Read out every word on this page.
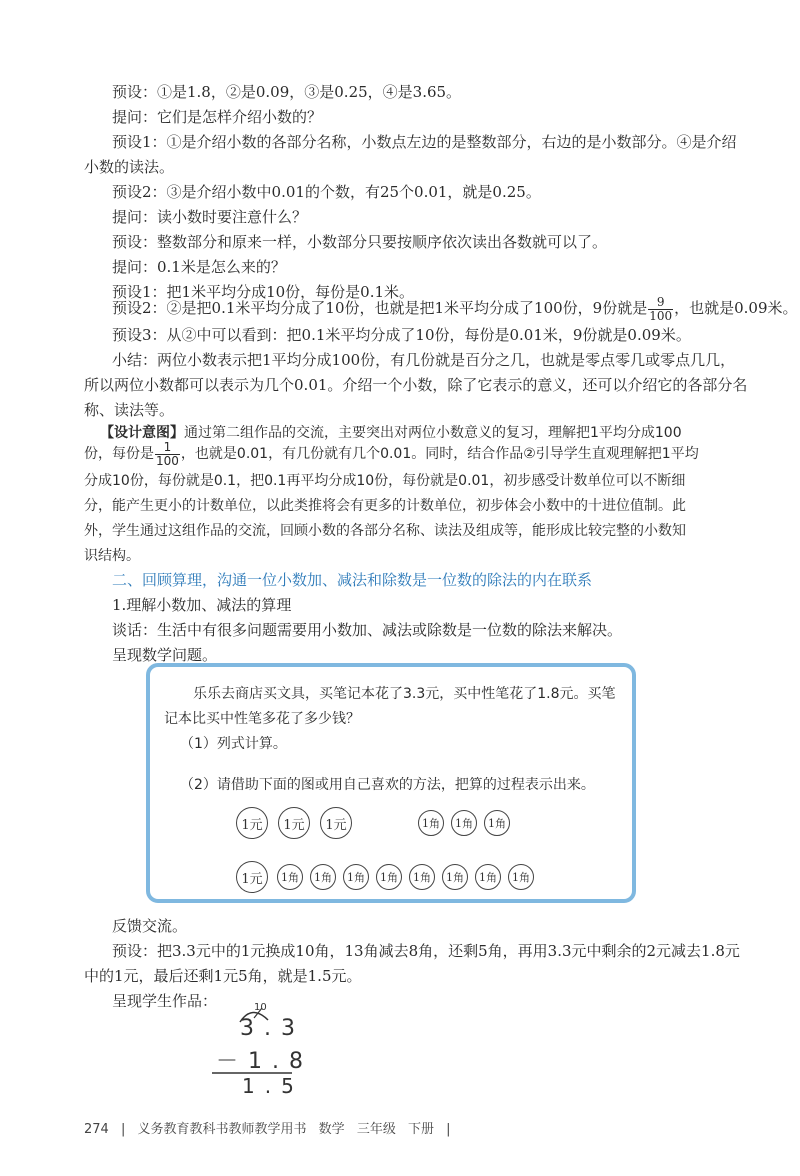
预设：①是1.8，②是0.09，③是0.25，④是3.65。
提问：它们是怎样介绍小数的？
预设1：①是介绍小数的各部分名称，小数点左边的是整数部分，右边的是小数部分。④是介绍
小数的读法。
预设2：③是介绍小数中0.01的个数，有25个0.01，就是0.25。
提问：读小数时要注意什么？
预设：整数部分和原来一样，小数部分只要按顺序依次读出各数就可以了。
提问：0.1米是怎么来的？
预设1：把1米平均分成10份，每份是0.1米。
预设2：②是把0.1米平均分成了10份，也就是把1米平均分成了100份，9份就是 $\frac{9}{100}$ ，也就是0.09米。
预设3：从②中可以看到：把0.1米平均分成了10份，每份是0.01米，9份就是0.09米。
小结：两位小数表示把1平均分成100份，有几份就是百分之几，也就是零点零几或零点几几，
所以两位小数都可以表示为几个0.01。介绍一个小数，除了它表示的意义，还可以介绍它的各部分名
称、读法等。
【设计意图】通过第二组作品的交流，主要突出对两位小数意义的复习，理解把1平均分成100
份，每份是 $\frac{1}{100}$ ，也就是0.01，有几份就有几个0.01。同时，结合作品②引导学生直观理解把1平均
分成10份，每份就是0.1，把0.1再平均分成10份，每份就是0.01，初步感受计数单位可以不断细
分，能产生更小的计数单位，以此类推将会有更多的计数单位，初步体会小数中的十进位值制。此
外，学生通过这组作品的交流，回顾小数的各部分名称、读法及组成等，能形成比较完整的小数知
识结构。
二、回顾算理，沟通一位小数加、减法和除数是一位数的除法的内在联系
1.理解小数加、减法的算理
谈话：生活中有很多问题需要用小数加、减法或除数是一位数的除法来解决。
呈现数学问题。
乐乐去商店买文具，买笔记本花了3.3元，买中性笔花了1.8元。买笔
记本比买中性笔多花了多少钱？
（1）列式计算。
（2）请借助下面的图或用自己喜欢的方法，把算的过程表示出来。
1元	1元	1元	1角	1角	1角
1元	1角	1角	1角	1角	1角	1角	1角	1角
反馈交流。
预设：把3.3元中的1元换成10角，13角减去8角，还剩5角，再用3.3元中剩余的2元减去1.8元
中的1元，最后还剩1元5角，就是1.5元。
呈现学生作品：	10
3.3
－1.8
1.5
274 | 义务教育教科书教师教学用书 数学 三年级 下册 |
